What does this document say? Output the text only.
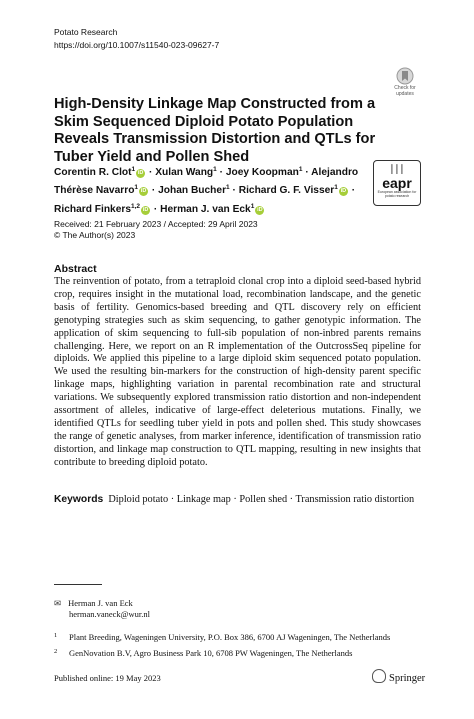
Potato Research
https://doi.org/10.1007/s11540-023-09627-7
Check for updates
High-Density Linkage Map Constructed from a Skim Sequenced Diploid Potato Population Reveals Transmission Distortion and QTLs for Tuber Yield and Pollen Shed
Corentin R. Clot$^1$ iD · Xulan Wang$^1$ · Joey Koopman$^1$ · Alejandro Thérèse Navarro$^1$ iD · Johan Bucher$^1$ · Richard G. F. Visser$^1$ iD · Richard Finkers$^{1,2}$ iD · Herman J. van Eck$^1$ iD
∣∣∣
eapr
European association for potato research
Received: 21 February 2023 / Accepted: 29 April 2023
© The Author(s) 2023
Abstract
The reinvention of potato, from a tetraploid clonal crop into a diploid seed-based hybrid crop, requires insight in the mutational load, recombination landscape, and the genetic basis of fertility. Genomics-based breeding and QTL discovery rely on efficient genotyping strategies such as skim sequencing, to gather genotypic information. The application of skim sequencing to full-sib population of non-inbred parents remains challenging. Here, we report on an R implementation of the OutcrossSeq pipeline for diploids. We applied this pipeline to a large diploid skim sequenced potato population. We used the resulting bin-markers for the construction of high-density parent specific linkage maps, highlighting variation in parental recombination rate and structural variations. We subsequently explored transmission ratio distortion and non-independent assortment of alleles, indicative of large-effect deleterious mutations. Finally, we identified QTLs for seedling tuber yield in pots and pollen shed. This study showcases the range of genetic analyses, from marker inference, identification of transmission ratio distortion, and linkage map construction to QTL mapping, resulting in new insights that contribute to breeding diploid potato.
Keywords Diploid potato · Linkage map · Pollen shed · Transmission ratio distortion
✉ Herman J. van Eck
herman.vaneck@wur.nl
1 Plant Breeding, Wageningen University, P.O. Box 386, 6700 AJ Wageningen, The Netherlands
2 GenNovation B.V, Agro Business Park 10, 6708 PW Wageningen, The Netherlands
Published online: 19 May 2023	Springer
